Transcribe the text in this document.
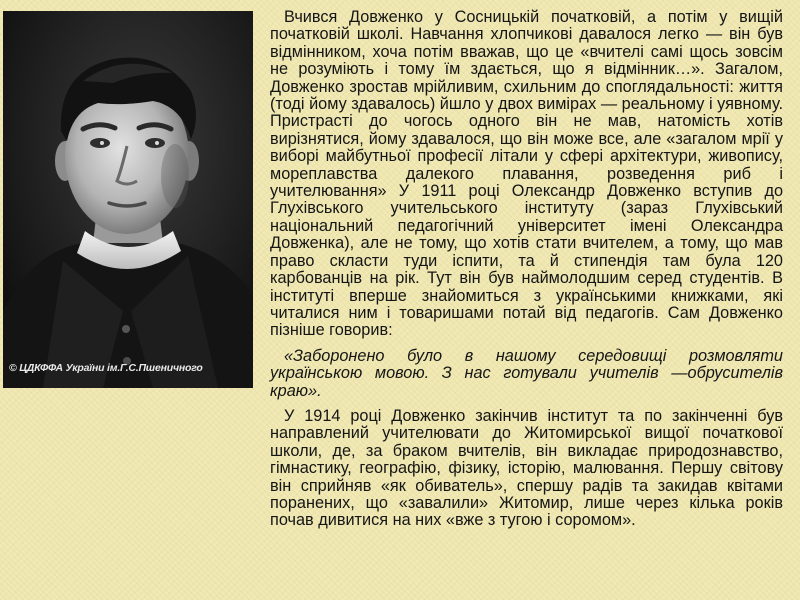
© ЦДКФФА України ім.Г.С.Пшеничного

Вчився Довженко у Сосницькій початковій, а потім у вищій початковій школі. Навчання хлопчикові давалося легко — він був відмінником, хоча потім вважав, що це «вчителі самі щось зовсім не розуміють і тому їм здається, що я відмінник…». Загалом, Довженко зростав мрійливим, схильним до споглядальності: життя (тоді йому здавалось) йшло у двох вимірах — реальному і уявному. Пристрасті до чогось одного він не мав, натомість хотів вирізнятися, йому здавалося, що він може все, але «загалом мрії у виборі майбутньої професії літали у сфері архітектури, живопису, мореплавства далекого плавання, розведення риб і учителювання» У 1911 році Олександр Довженко вступив до Глухівського учительського інституту (зараз Глухівський національний педагогічний університет імені Олександра Довженка), але не тому, що хотів стати вчителем, а тому, що мав право скласти туди іспити, та й стипендія там була 120 карбованців на рік. Тут він був наймолодшим серед студентів. В інституті вперше знайомиться з українськими книжками, які читалися ним і товаришами потай від педагогів. Сам Довженко пізніше говорив:

«Заборонено було в нашому середовищі розмовляти українською мовою. З нас готували учителів —обрусителів краю».

У 1914 році Довженко закінчив інститут та по закінченні був направлений учителювати до Житомирської вищої початкової школи, де, за браком вчителів, він викладає природознавство, гімнастику, географію, фізику, історію, малювання. Першу світову він сприйняв «як обиватель», спершу радів та закидав квітами поранених, що «завалили» Житомир, лише через кілька років почав дивитися на них «вже з тугою і соромом».
